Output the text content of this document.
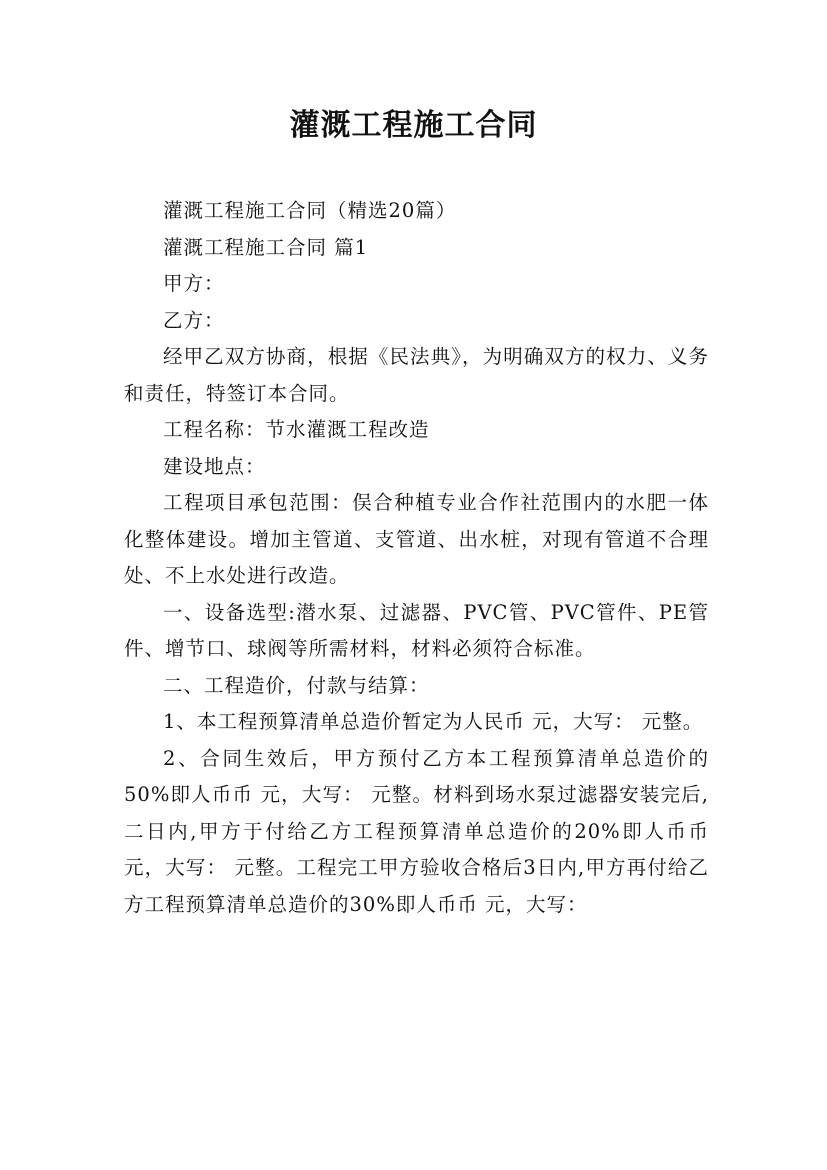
灌溉工程施工合同

灌溉工程施工合同（精选20篇）

灌溉工程施工合同 篇1

甲方：

乙方：

经甲乙双方协商，根据《民法典》，为明确双方的权力、义务和责任，特签订本合同。

工程名称：节水灌溉工程改造

建设地点：

工程项目承包范围：俣合种植专业合作社范围内的水肥一体化整体建设。增加主管道、支管道、出水桩，对现有管道不合理处、不上水处进行改造。

一、设备选型:潜水泵、过滤器、PVC管、PVC管件、PE管件、增节口、球阀等所需材料，材料必须符合标准。

二、工程造价，付款与结算：

1、本工程预算清单总造价暂定为人民币 元，大写： 元整。

2、合同生效后，甲方预付乙方本工程预算清单总造价的50%即人币币 元，大写： 元整。材料到场水泵过滤器安装完后,二日内,甲方于付给乙方工程预算清单总造价的20%即人币币 元，大写： 元整。工程完工甲方验收合格后3日内,甲方再付给乙方工程预算清单总造价的30%即人币币 元，大写：
